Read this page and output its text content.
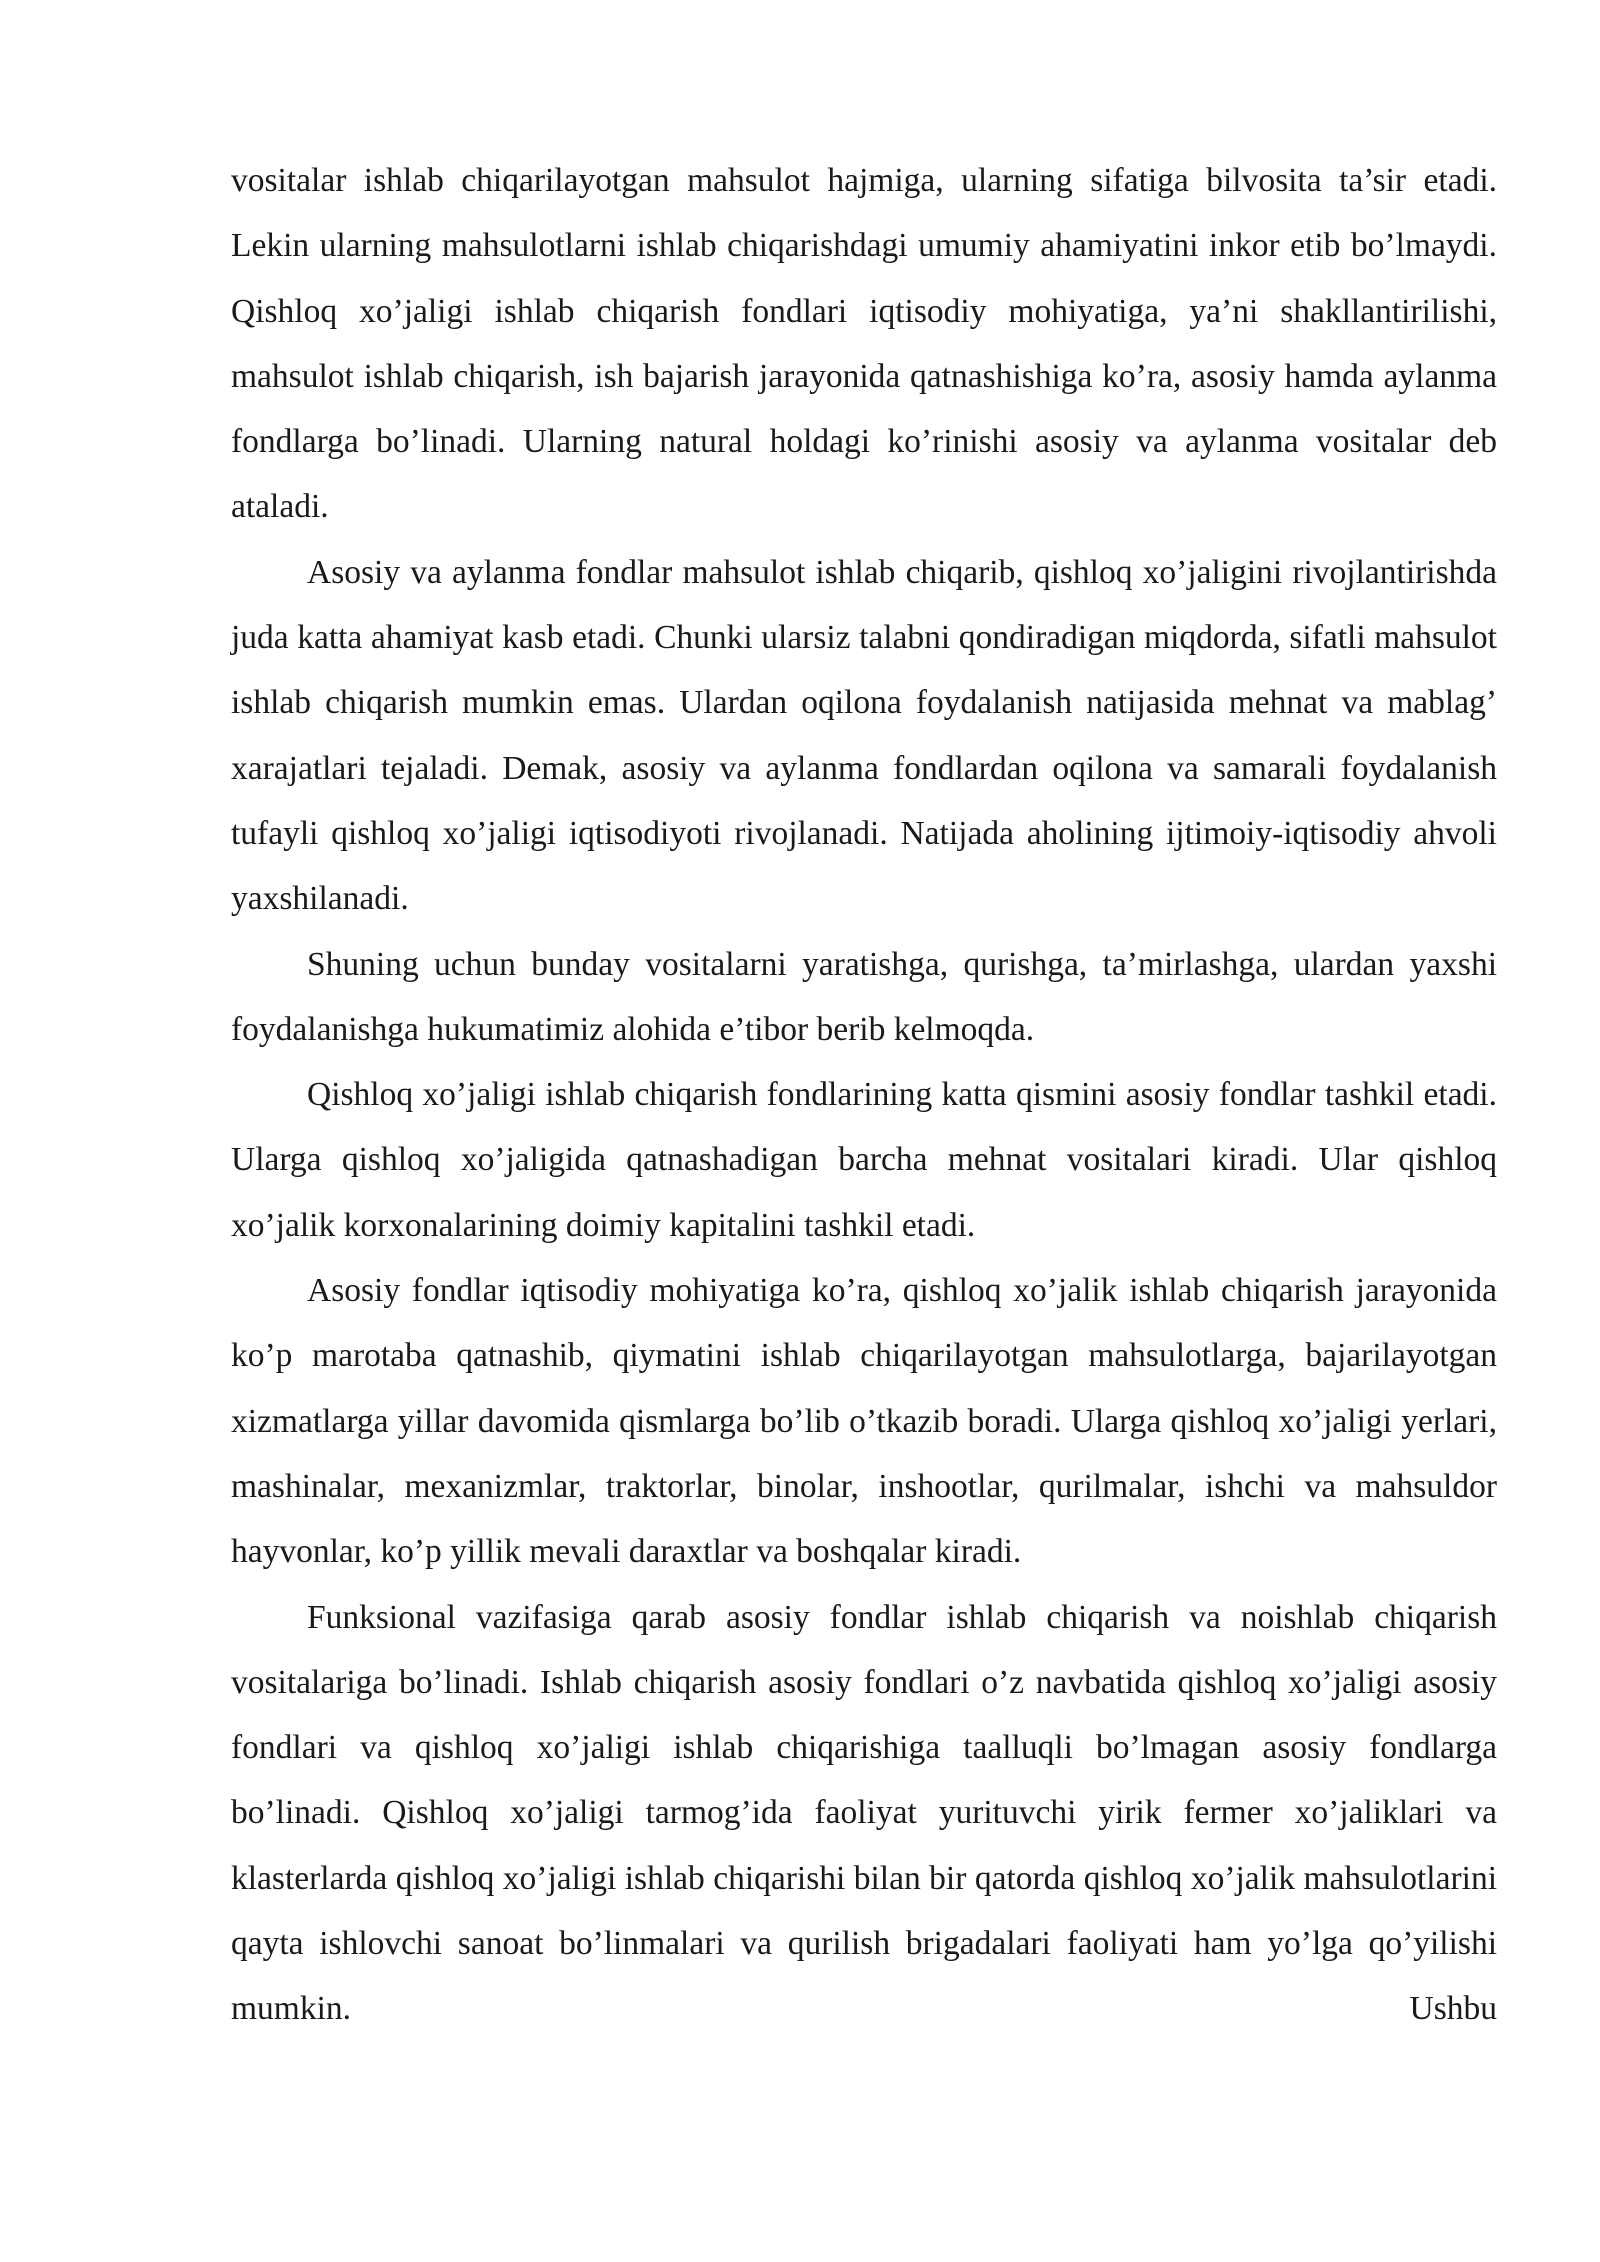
vositalar ishlab chiqarilayotgan mahsulot hajmiga, ularning sifatiga bilvosita ta’sir etadi. Lekin ularning mahsulotlarni ishlab chiqarishdagi umumiy ahamiyatini inkor etib bo’lmaydi. Qishloq xo’jaligi ishlab chiqarish fondlari iqtisodiy mohiyatiga, ya’ni shakllantirilishi, mahsulot ishlab chiqarish, ish bajarish jarayonida qatnashishiga ko’ra, asosiy hamda aylanma fondlarga bo’linadi. Ularning natural holdagi ko’rinishi asosiy va aylanma vositalar deb ataladi.

Asosiy va aylanma fondlar mahsulot ishlab chiqarib, qishloq xo’jaligini rivojlantirishda juda katta ahamiyat kasb etadi. Chunki ularsiz talabni qondiradigan miqdorda, sifatli mahsulot ishlab chiqarish mumkin emas. Ulardan oqilona foydalanish natijasida mehnat va mablag’ xarajatlari tejaladi. Demak, asosiy va aylanma fondlardan oqilona va samarali foydalanish tufayli qishloq xo’jaligi iqtisodiyoti rivojlanadi. Natijada aholining ijtimoiy-iqtisodiy ahvoli yaxshilanadi.

Shuning uchun bunday vositalarni yaratishga, qurishga, ta’mirlashga, ulardan yaxshi foydalanishga hukumatimiz alohida e’tibor berib kelmoqda.

Qishloq xo’jaligi ishlab chiqarish fondlarining katta qismini asosiy fondlar tashkil etadi. Ularga qishloq xo’jaligida qatnashadigan barcha mehnat vositalari kiradi. Ular qishloq xo’jalik korxonalarining doimiy kapitalini tashkil etadi.

Asosiy fondlar iqtisodiy mohiyatiga ko’ra, qishloq xo’jalik ishlab chiqarish jarayonida ko’p marotaba qatnashib, qiymatini ishlab chiqarilayotgan mahsulotlarga, bajarilayotgan xizmatlarga yillar davomida qismlarga bo’lib o’tkazib boradi. Ularga qishloq xo’jaligi yerlari, mashinalar, mexanizmlar, traktorlar, binolar, inshootlar, qurilmalar, ishchi va mahsuldor hayvonlar, ko’p yillik mevali daraxtlar va boshqalar kiradi.

Funksional vazifasiga qarab asosiy fondlar ishlab chiqarish va noishlab chiqarish vositalariga bo’linadi. Ishlab chiqarish asosiy fondlari o’z navbatida qishloq xo’jaligi asosiy fondlari va qishloq xo’jaligi ishlab chiqarishiga taalluqli bo’lmagan asosiy fondlarga bo’linadi. Qishloq xo’jaligi tarmog’ida faoliyat yurituvchi yirik fermer xo’jaliklari va klasterlarda qishloq xo’jaligi ishlab chiqarishi bilan bir qatorda qishloq xo’jalik mahsulotlarini qayta ishlovchi sanoat bo’linmalari va qurilish brigadalari faoliyati ham yo’lga qo’yilishi mumkin. Ushbu
